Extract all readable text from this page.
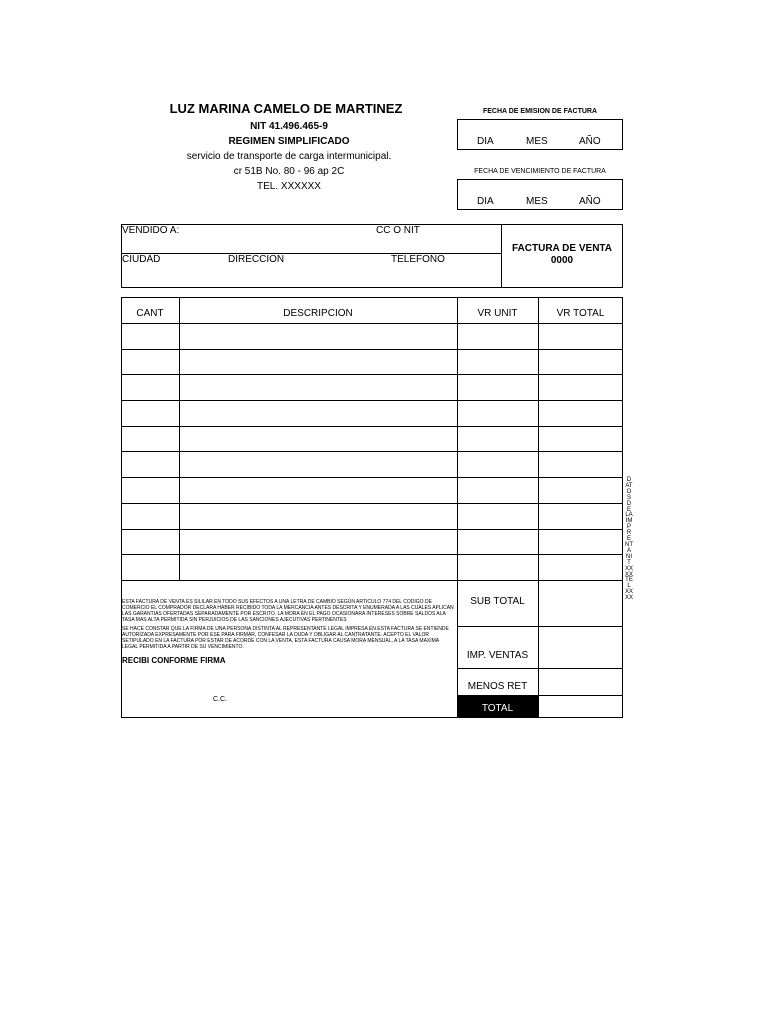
LUZ MARINA CAMELO DE MARTINEZ
NIT 41.496.465-9
REGIMEN SIMPLIFICADO
servicio de transporte de carga intermunicipal.
cr 51B No. 80 - 96 ap 2C
TEL. XXXXXX
FECHA DE EMISION DE FACTURA
DIA	MES	AÑO
FECHA DE VENCIMIENTO DE FACTURA
DIA	MES	AÑO
VENDIDO A:	CC O NIT
CIUDAD	DIRECCION	TELEFONO
FACTURA DE VENTA
0000
CANT	DESCRIPCION	VR UNIT	VR TOTAL
ESTA FACTURA DE VENTA ES SILILAR EN TODO SUS EFECTOS A UNA LETRA DE CAMBIO SEGÚN ARTICULO 774 DEL CODIGO DE COMERCIO EL COMPRADOR DECLARA HABER RECIBIDO TODA LA MERCANCIA ANTES DESCRITA Y ENUMERADA A LAS CUALES APLICAN LAS GARANTIAS OFERTADAS SEPARADAMENTE POR ESCRITO. LA MORA EN EL PAGO OCASIONARA INTERESES SOBRE SALDOS ALA TASA MAS ALTA PERMITIDA SIN PERJUICIOS DE LAS SANCIONES AJECUTIVAS PERTINENTES
SE HACE CONSTAR QUE LA FIRMA DE UNA PERSONA DISTINTA AL REPRESENTANTE LEGAL IMPRESA EN ESTA FACTURA SE ENTIENDE AUTORIZADA EXPRESAMENTE POR ESE PARA FIRMAR, CONFESAR LA DUDA Y OBLIGAR AL CANTRATANTE. ACEPTO EL VALOR SETIPULADO EN LA FACTURA POR ESTAR DE ACORDE CON LA VENTA, ESTA FACTURA CAUSA MORA MENSUAL, A LA TASA MAXIMA LEGAL PERMITIDA A PARTIR DE SU VENCIMIENTO.
RECIBI CONFORME FIRMA
C.C.
SUB TOTAL
IMP. VENTAS
MENOS RET
TOTAL
DATOS DE LA IMPRENTA NIT XXXX TEL XXXX
